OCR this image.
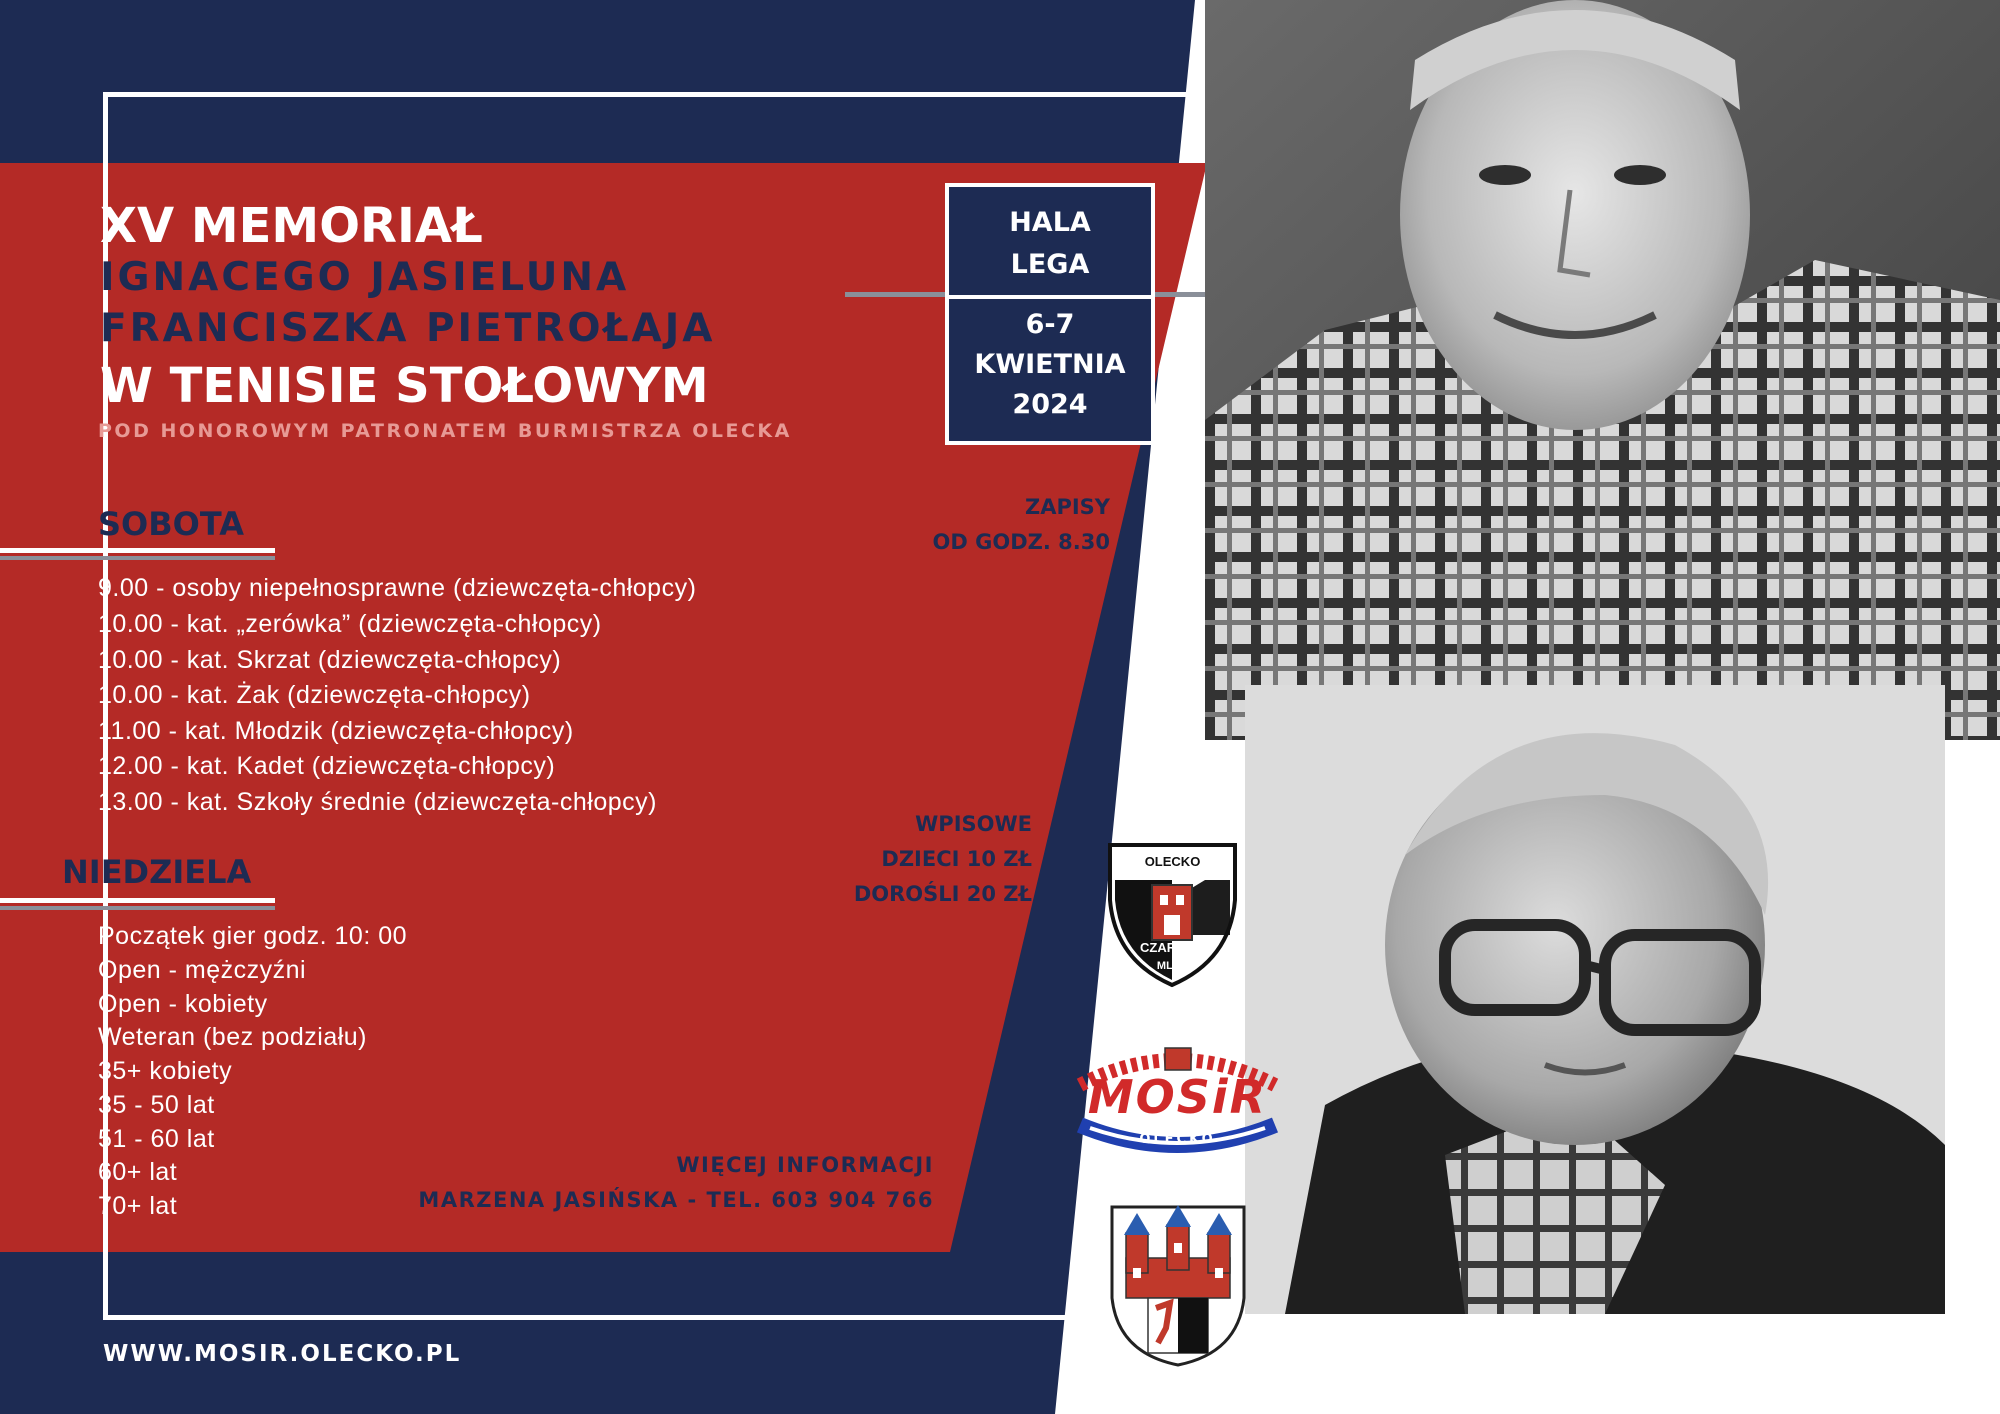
XV MEMORIAŁ
IGNACEGO JASIELUNA
FRANCISZKA PIETROŁAJA
W TENISIE STOŁOWYM
POD HONOROWYM PATRONATEM BURMISTRZA OLECKA
HALA
LEGA
6-7
KWIETNIA
2024
ZAPISY
OD GODZ. 8.30
SOBOTA
9.00 - osoby niepełnosprawne (dziewczęta-chłopcy)
10.00 - kat. „zerówka” (dziewczęta-chłopcy)
10.00 - kat. Skrzat (dziewczęta-chłopcy)
10.00 - kat. Żak (dziewczęta-chłopcy)
11.00 - kat. Młodzik (dziewczęta-chłopcy)
12.00 - kat. Kadet (dziewczęta-chłopcy)
13.00 - kat. Szkoły średnie (dziewczęta-chłopcy)
NIEDZIELA
Początek gier godz. 10: 00
Open - mężczyźni
Open - kobiety
Weteran (bez podziału)
35+ kobiety
35 - 50 lat
51 - 60 lat
60+ lat
70+ lat
WPISOWE
DZIECI 10 ZŁ
DOROŚLI 20 ZŁ
WIĘCEJ INFORMACJI
MARZENA JASIŃSKA - TEL. 603 904 766
WWW.MOSIR.OLECKO.PL
OLECKO
CZARNI
MLKS
MOSiR
OLECKO
